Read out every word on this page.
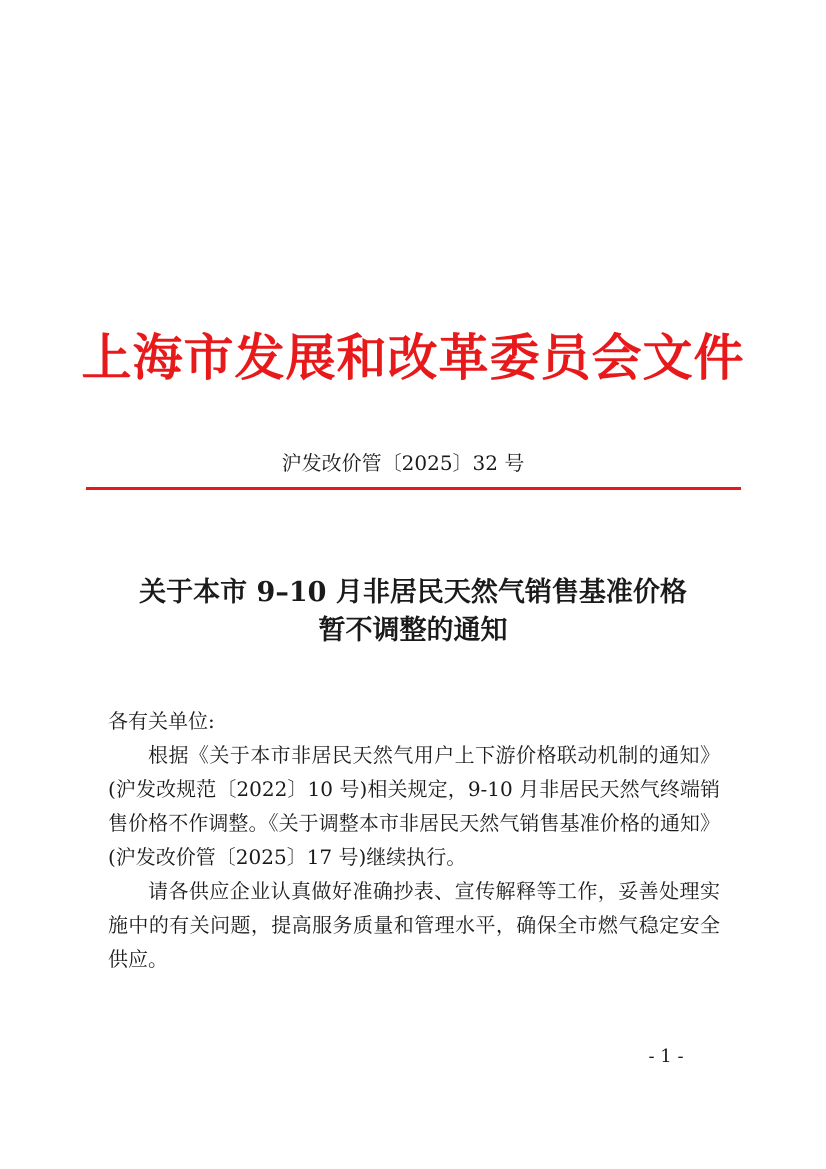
上海市发展和改革委员会文件
沪发改价管〔2025〕32 号
关于本市 9–10 月非居民天然气销售基准价格
暂不调整的通知

各有关单位:

根据《关于本市非居民天然气用户上下游价格联动机制的通知》(沪发改规范〔2022〕10 号)相关规定，9-10 月非居民天然气终端销售价格不作调整。《关于调整本市非居民天然气销售基准价格的通知》(沪发改价管〔2025〕17 号)继续执行。

请各供应企业认真做好准确抄表、宣传解释等工作，妥善处理实施中的有关问题，提高服务质量和管理水平，确保全市燃气稳定安全供应。

- 1 -
